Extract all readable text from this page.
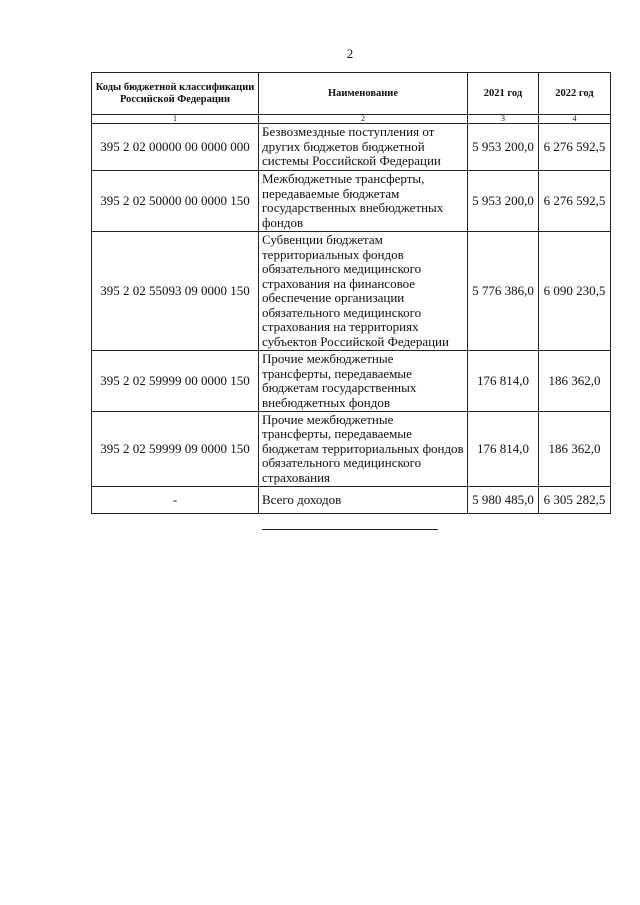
2
Коды бюджетной классификации Российской Федерации	Наименование	2021 год	2022 год
1	2	3	4
395 2 02 00000 00 0000 000	Безвозмездные поступления от других бюджетов бюджетной системы Российской Федерации	5 953 200,0	6 276 592,5
395 2 02 50000 00 0000 150	Межбюджетные трансферты, передаваемые бюджетам государственных внебюджетных фондов	5 953 200,0	6 276 592,5
395 2 02 55093 09 0000 150	Субвенции бюджетам территориальных фондов обязательного медицинского страхования на финансовое обеспечение организации обязательного медицинского страхования на территориях субъектов Российской Федерации	5 776 386,0	6 090 230,5
395 2 02 59999 00 0000 150	Прочие межбюджетные трансферты, передаваемые бюджетам государственных внебюджетных фондов	176 814,0	186 362,0
395 2 02 59999 09 0000 150	Прочие межбюджетные трансферты, передаваемые бюджетам территориальных фондов обязательного медицинского страхования	176 814,0	186 362,0
-	Всего доходов	5 980 485,0	6 305 282,5
